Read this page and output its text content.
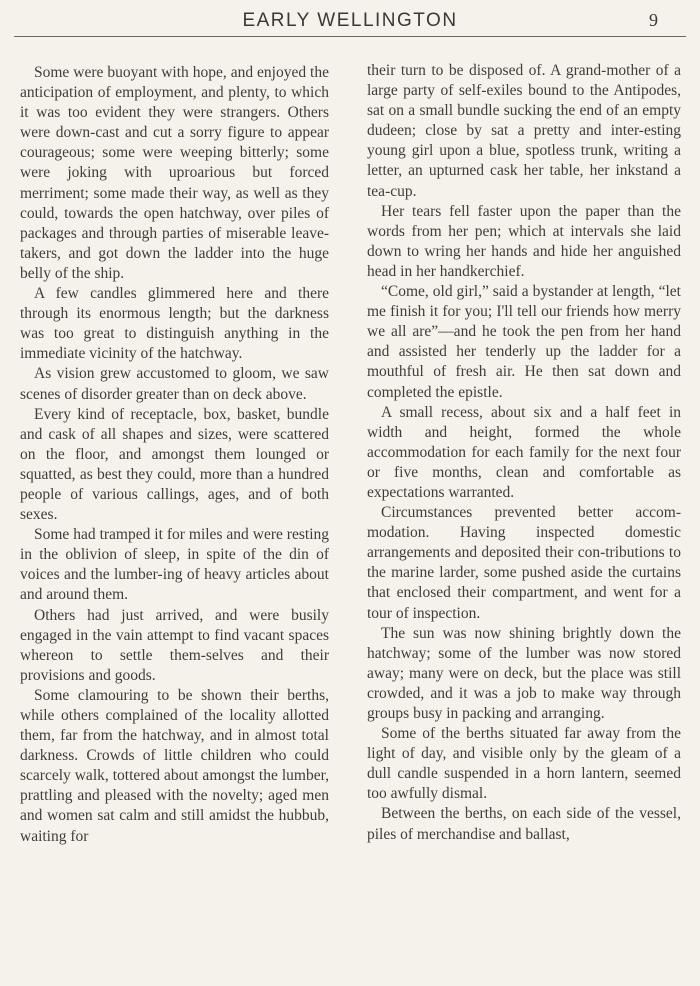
EARLY WELLINGTON	9

Some were buoyant with hope, and enjoyed the anticipation of employment, and plenty, to which it was too evident they were strangers. Others were down-cast and cut a sorry figure to appear courageous; some were weeping bitterly; some were joking with uproarious but forced merriment; some made their way, as well as they could, towards the open hatchway, over piles of packages and through parties of miserable leave-takers, and got down the ladder into the huge belly of the ship.

A few candles glimmered here and there through its enormous length; but the darkness was too great to distinguish anything in the immediate vicinity of the hatchway.

As vision grew accustomed to gloom, we saw scenes of disorder greater than on deck above.

Every kind of receptacle, box, basket, bundle and cask of all shapes and sizes, were scattered on the floor, and amongst them lounged or squatted, as best they could, more than a hundred people of various callings, ages, and of both sexes.

Some had tramped it for miles and were resting in the oblivion of sleep, in spite of the din of voices and the lumber-ing of heavy articles about and around them.

Others had just arrived, and were busily engaged in the vain attempt to find vacant spaces whereon to settle them-selves and their provisions and goods.

Some clamouring to be shown their berths, while others complained of the locality allotted them, far from the hatchway, and in almost total darkness. Crowds of little children who could scarcely walk, tottered about amongst the lumber, prattling and pleased with the novelty; aged men and women sat calm and still amidst the hubbub, waiting for

their turn to be disposed of. A grand-mother of a large party of self-exiles bound to the Antipodes, sat on a small bundle sucking the end of an empty dudeen; close by sat a pretty and inter-esting young girl upon a blue, spotless trunk, writing a letter, an upturned cask her table, her inkstand a tea-cup.

Her tears fell faster upon the paper than the words from her pen; which at intervals she laid down to wring her hands and hide her anguished head in her handkerchief.

“Come, old girl,” said a bystander at length, “let me finish it for you; I'll tell our friends how merry we all are”—and he took the pen from her hand and assisted her tenderly up the ladder for a mouthful of fresh air. He then sat down and completed the epistle.

A small recess, about six and a half feet in width and height, formed the whole accommodation for each family for the next four or five months, clean and comfortable as expectations warranted.

Circumstances prevented better accom-modation. Having inspected domestic arrangements and deposited their con-tributions to the marine larder, some pushed aside the curtains that enclosed their compartment, and went for a tour of inspection.

The sun was now shining brightly down the hatchway; some of the lumber was now stored away; many were on deck, but the place was still crowded, and it was a job to make way through groups busy in packing and arranging.

Some of the berths situated far away from the light of day, and visible only by the gleam of a dull candle suspended in a horn lantern, seemed too awfully dismal.

Between the berths, on each side of the vessel, piles of merchandise and ballast,
